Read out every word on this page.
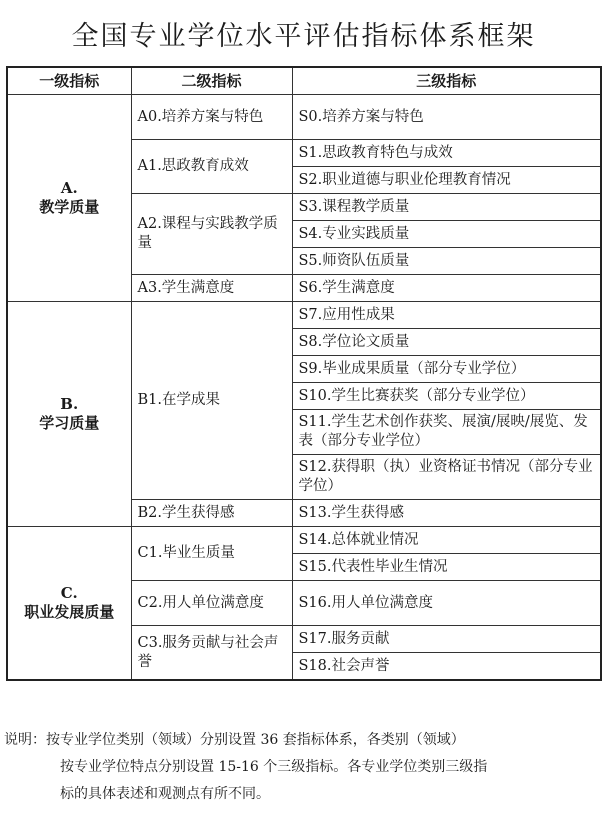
全国专业学位水平评估指标体系框架
一级指标	二级指标	三级指标

A.
教学质量	A0.培养方案与特色	S0.培养方案与特色
	A1.思政教育成效	S1.思政教育特色与成效
		S2.职业道德与职业伦理教育情况
	A2.课程与实践教学质量	S3.课程教学质量
		S4.专业实践质量
		S5.师资队伍质量
	A3.学生满意度	S6.学生满意度

B.
学习质量	B1.在学成果	S7.应用性成果
		S8.学位论文质量
		S9.毕业成果质量（部分专业学位）
		S10.学生比赛获奖（部分专业学位）
		S11.学生艺术创作获奖、展演/展映/展览、发表（部分专业学位）
		S12.获得职（执）业资格证书情况（部分专业学位）
	B2.学生获得感	S13.学生获得感

C.
职业发展质量	C1.毕业生质量	S14.总体就业情况
		S15.代表性毕业生情况
	C2.用人单位满意度	S16.用人单位满意度
	C3.服务贡献与社会声誉	S17.服务贡献
		S18.社会声誉
说明：按专业学位类别（领域）分别设置 36 套指标体系，各类别（领域）
按专业学位特点分别设置 15-16 个三级指标。各专业学位类别三级指
标的具体表述和观测点有所不同。
